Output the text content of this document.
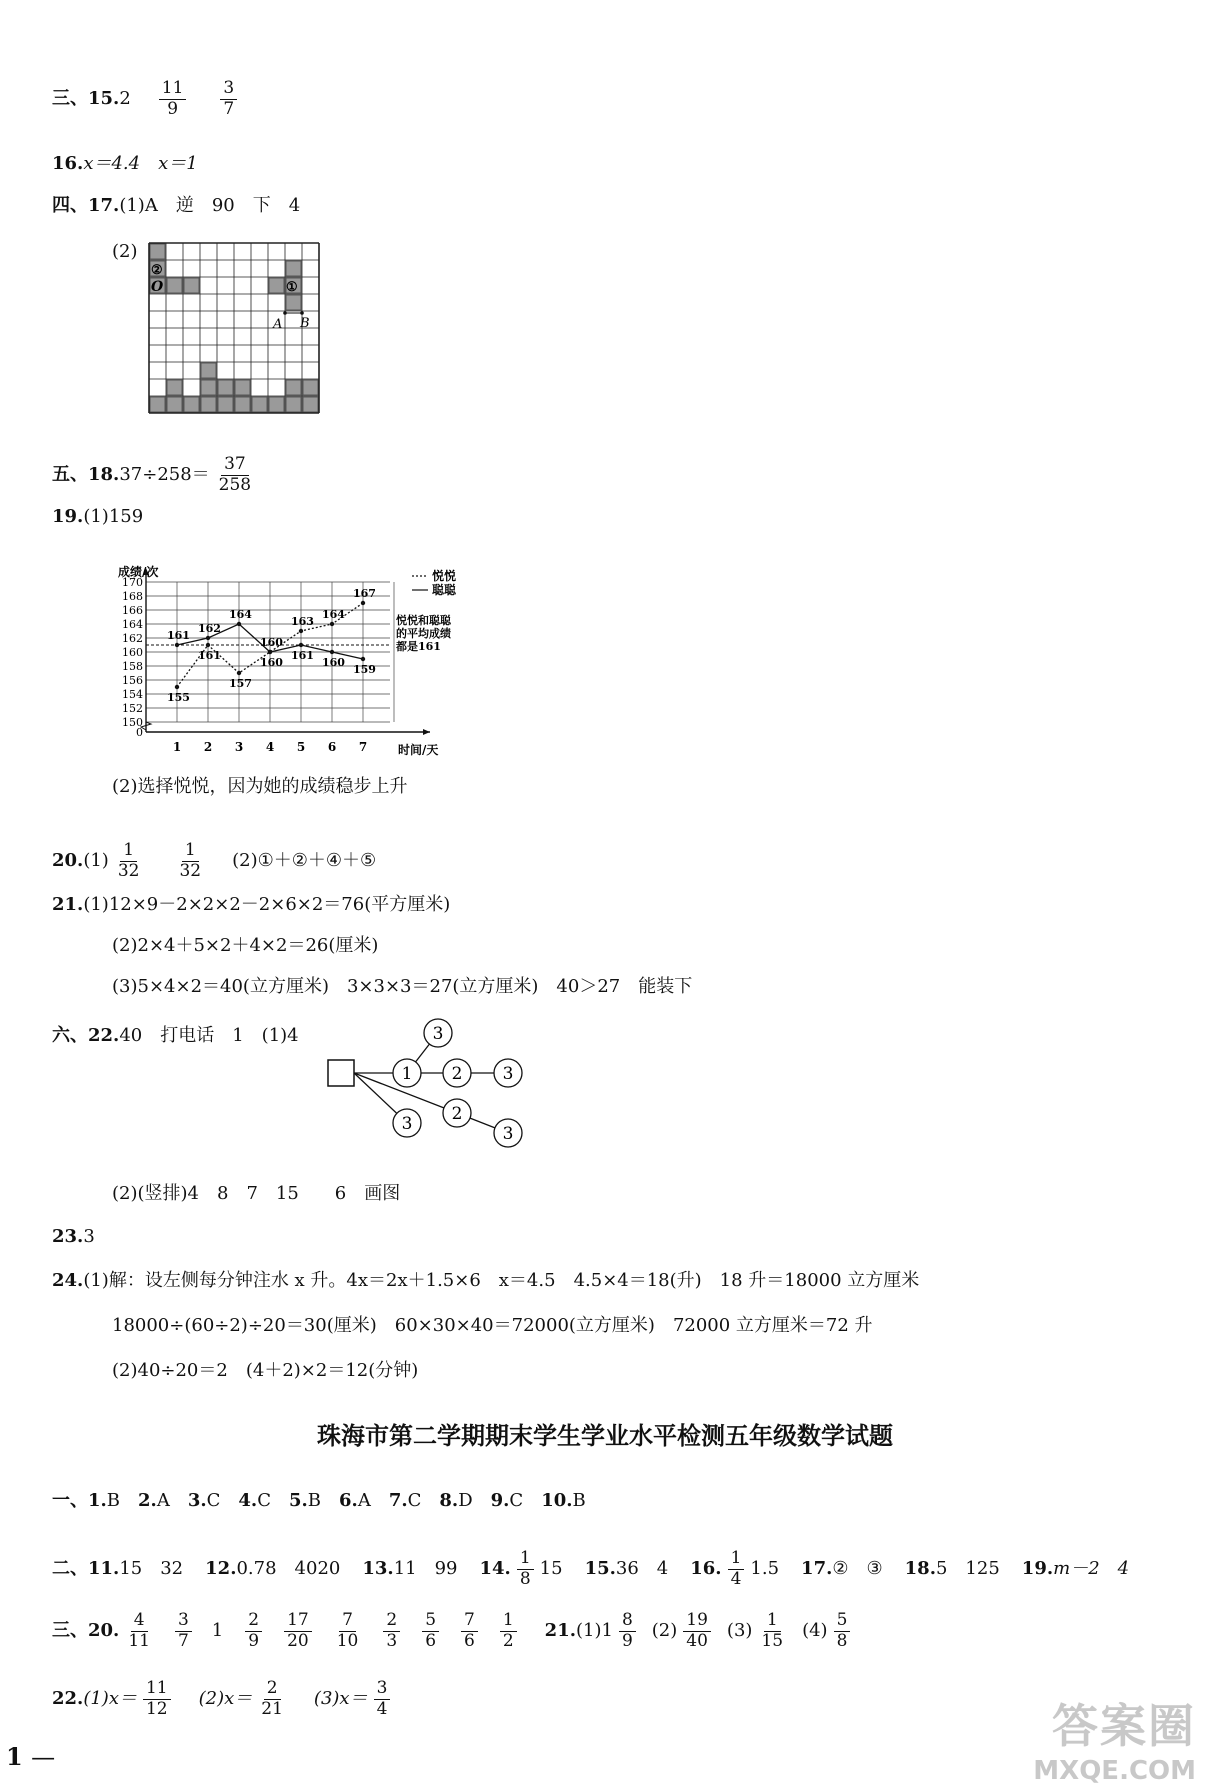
三、15. $2 \frac{11}{9} \frac{3}{7}$
16. x＝4.4　x＝1
四、17. (1)A　逆　90　下　4
(2)
②
O	①
A B
五、18. $37\div 258= \frac{37}{258}$
19. (1)159
150
152
154
156
158
160
162
164
166
168
170
0
成绩/次
时间/天
1 2 3 4 5 6 7
155
161
157
160
163
164
167
161
162
164
160
161
160
159
悦悦
聪聪
悦悦和聪聪
的平均成绩
都是161
(2)选择悦悦，因为她的成绩稳步上升
20. $(1) \frac{1}{32} \frac{1}{32}$ (2)①＋②＋④＋⑤
21. (1)12×9－2×2×2－2×6×2＝76(平方厘米)
(2)2×4＋5×2＋4×2＝26(厘米)
(3)5×4×2＝40(立方厘米)　3×3×3＝27(立方厘米)　40＞27　能装下
六、22. 40　打电话　1　(1)4	3
1 2 3
3 2
3
(2)(竖排)4　8　7　15　　6　画图
23. 3
24. (1)解：设左侧每分钟注水 x 升。4x＝2x＋1.5×6　x＝4.5　4.5×4＝18(升)　18 升＝18000 立方厘米
18000÷(60÷2)÷20＝30(厘米)　60×30×40＝72000(立方厘米)　72000 立方厘米＝72 升
(2)40÷20＝2　(4＋2)×2＝12(分钟)
珠海市第二学期期末学生学业水平检测五年级数学试题
一、 1. B 2. A 3. C 4. C 5. B 6. A 7. C 8. D 9. C 10. B
二、11. 15　32 12. 0.78　4020 13. 11　99 14. $\frac{1}{8} 15$ 15. 36　4 16. $\frac{1}{4} 1.5$ 17. ②　③ 18. 5　125 19. m－2　4
三、20. $\frac{4}{11} \frac{3}{7} 1 \frac{2}{9} \frac{17}{20} \frac{7}{10} \frac{2}{3} \frac{5}{6} \frac{7}{6} \frac{1}{2} 21$. $(1)1 \frac{8}{9} (2) \frac{19}{40} (3) \frac{1}{15} (4) \frac{5}{8}$
22. $(1)x= \frac{11}{12} (2)x= \frac{2}{21} (3)x= \frac{3}{4}$
1 —
答案圈
MXQE.COM
